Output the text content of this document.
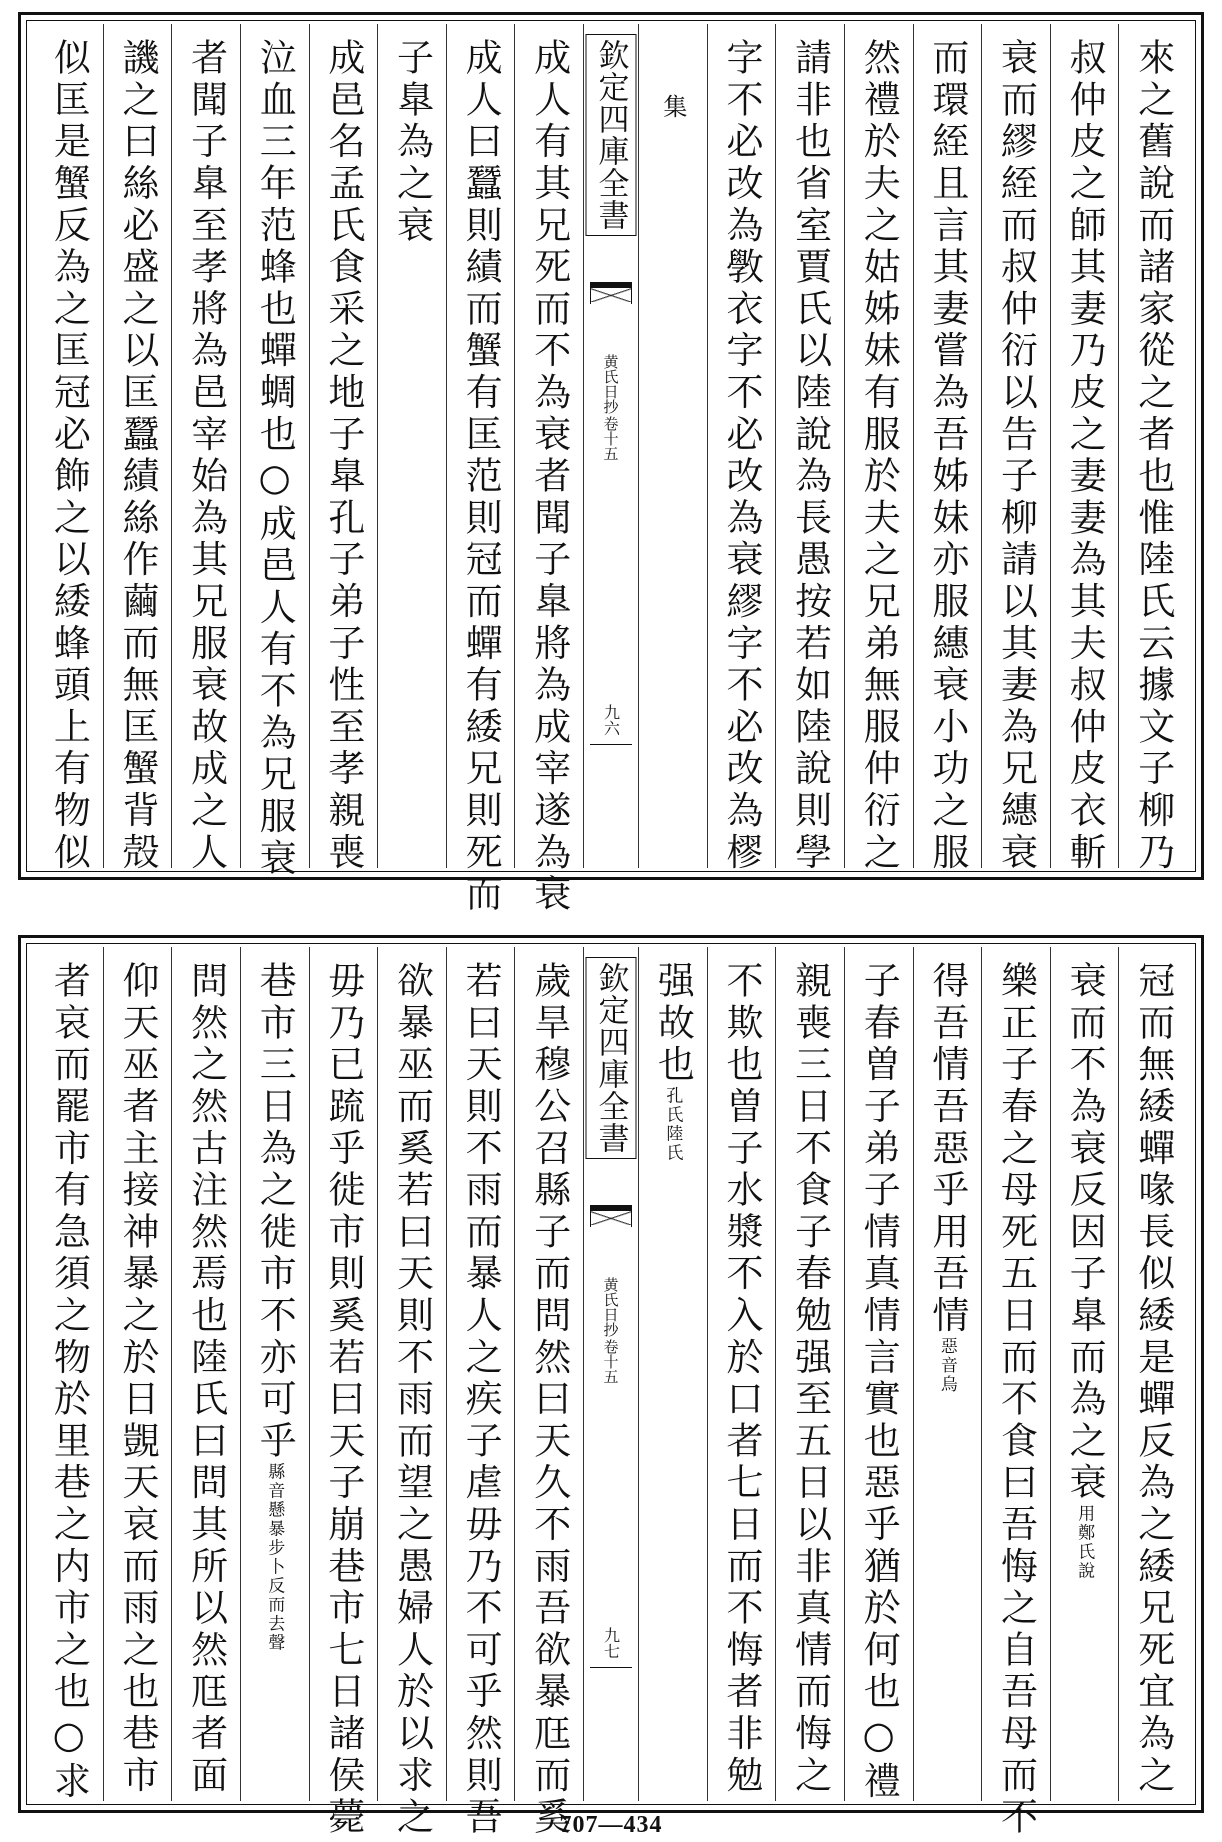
來之舊說而諸家從之者也惟陸氏云據文子柳乃
叔仲皮之師其妻乃皮之妻妻為其夫叔仲皮衣斬
衰而繆絰而叔仲衍以告子柳請以其妻為兄繐衰
而環絰且言其妻嘗為吾姊妹亦服繐衰小功之服
然禮於夫之姑姊妹有服於夫之兄弟無服仲衍之
請非也省室賈氏以陸說為長愚按若如陸說則學
字不必改為斆衣字不必改為衰繆字不必改為樛
集
欽定四庫全書
黄氏日抄
卷十五
九六
成人有其兄死而不為衰者聞子臯將為成宰遂為衰
成人曰蠶則績而蟹有匡范則冠而蟬有緌兄則死而
子臯為之衰
成邑名孟氏食采之地子臯孔子弟子性至孝親喪
泣血三年范蜂也蟬蜩也○成邑人有不為兄服衰
者聞子臯至孝將為邑宰始為其兄服衰故成之人
譏之曰絲必盛之以匡蠶績絲作繭而無匡蟹背殻
似匡是蟹反為之匡冠必飾之以緌蜂頭上有物似
冠而無緌蟬喙長似緌是蟬反為之緌兄死宜為之
衰而不為衰反因子臯而為之衰用鄭氏說
樂正子春之母死五日而不食曰吾悔之自吾母而不
得吾情吾惡乎用吾情惡音烏
子春曽子弟子情真情言實也惡乎猶於何也○禮
親喪三日不食子春勉强至五日以非真情而悔之
不欺也曽子水漿不入於口者七日而不悔者非勉
强故也孔氏陸氏
欽定四庫全書
黄氏日抄
卷十五
九七
歲旱穆公召縣子而問然曰天久不雨吾欲暴尫而奚
若曰天則不雨而暴人之疾子虐毋乃不可乎然則吾
欲暴巫而奚若曰天則不雨而望之愚婦人於以求之
毋乃已䟽乎徙市則奚若曰天子崩巷市七日諸侯薨
巷市三日為之徙市不亦可乎縣音懸暴步卜反而去聲
問然之然古注然焉也陸氏曰問其所以然尫者面
仰天巫者主接神暴之於日覬天哀而雨之也巷市
者哀而罷市有急須之物於里巷之内市之也○求
707—434
